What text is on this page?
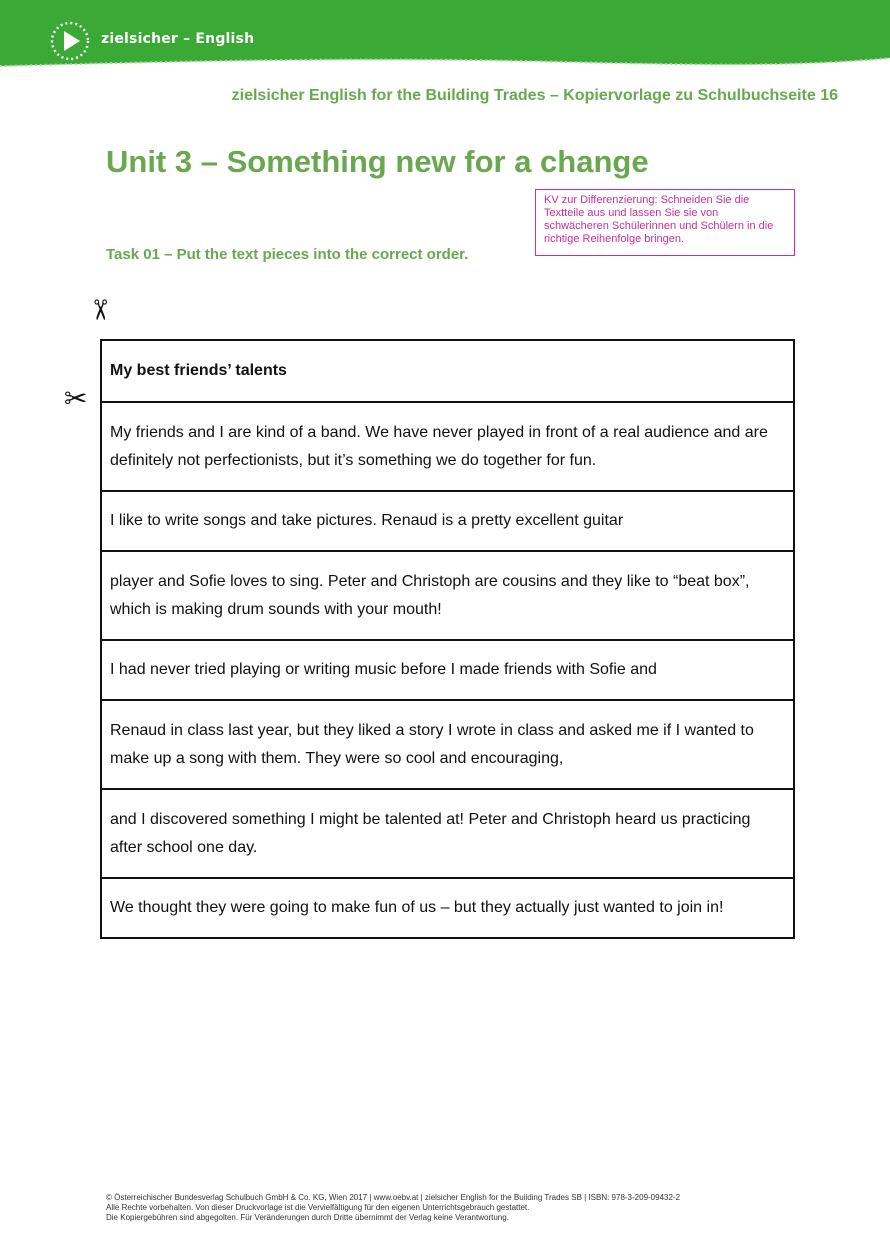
zielsicher – English
zielsicher English for the Building Trades – Kopiervorlage zu Schulbuchseite 16
Unit 3 – Something new for a change
KV zur Differenzierung: Schneiden Sie die Textteile aus und lassen Sie sie von schwächeren Schülerinnen und Schülern in die richtige Reihenfolge bringen.
Task 01 – Put the text pieces into the correct order.
✂
✂
My best friends’ talents
My friends and I are kind of a band. We have never played in front of a real audience and are definitely not perfectionists, but it’s something we do together for fun.
I like to write songs and take pictures. Renaud is a pretty excellent guitar
player and Sofie loves to sing. Peter and Christoph are cousins and they like to “beat box”, which is making drum sounds with your mouth!
I had never tried playing or writing music before I made friends with Sofie and
Renaud in class last year, but they liked a story I wrote in class and asked me if I wanted to make up a song with them. They were so cool and encouraging,
and I discovered something I might be talented at! Peter and Christoph heard us practicing after school one day.
We thought they were going to make fun of us – but they actually just wanted to join in!
© Österreichischer Bundesverlag Schulbuch GmbH & Co. KG, Wien 2017 | www.oebv.at | zielsicher English for the Building Trades SB | ISBN: 978-3-209-09432-2
Alle Rechte vorbehalten. Von dieser Druckvorlage ist die Vervielfältigung für den eigenen Unterrichtsgebrauch gestattet.
Die Kopiergebühren sind abgegolten. Für Veränderungen durch Dritte übernimmt der Verlag keine Verantwortung.
